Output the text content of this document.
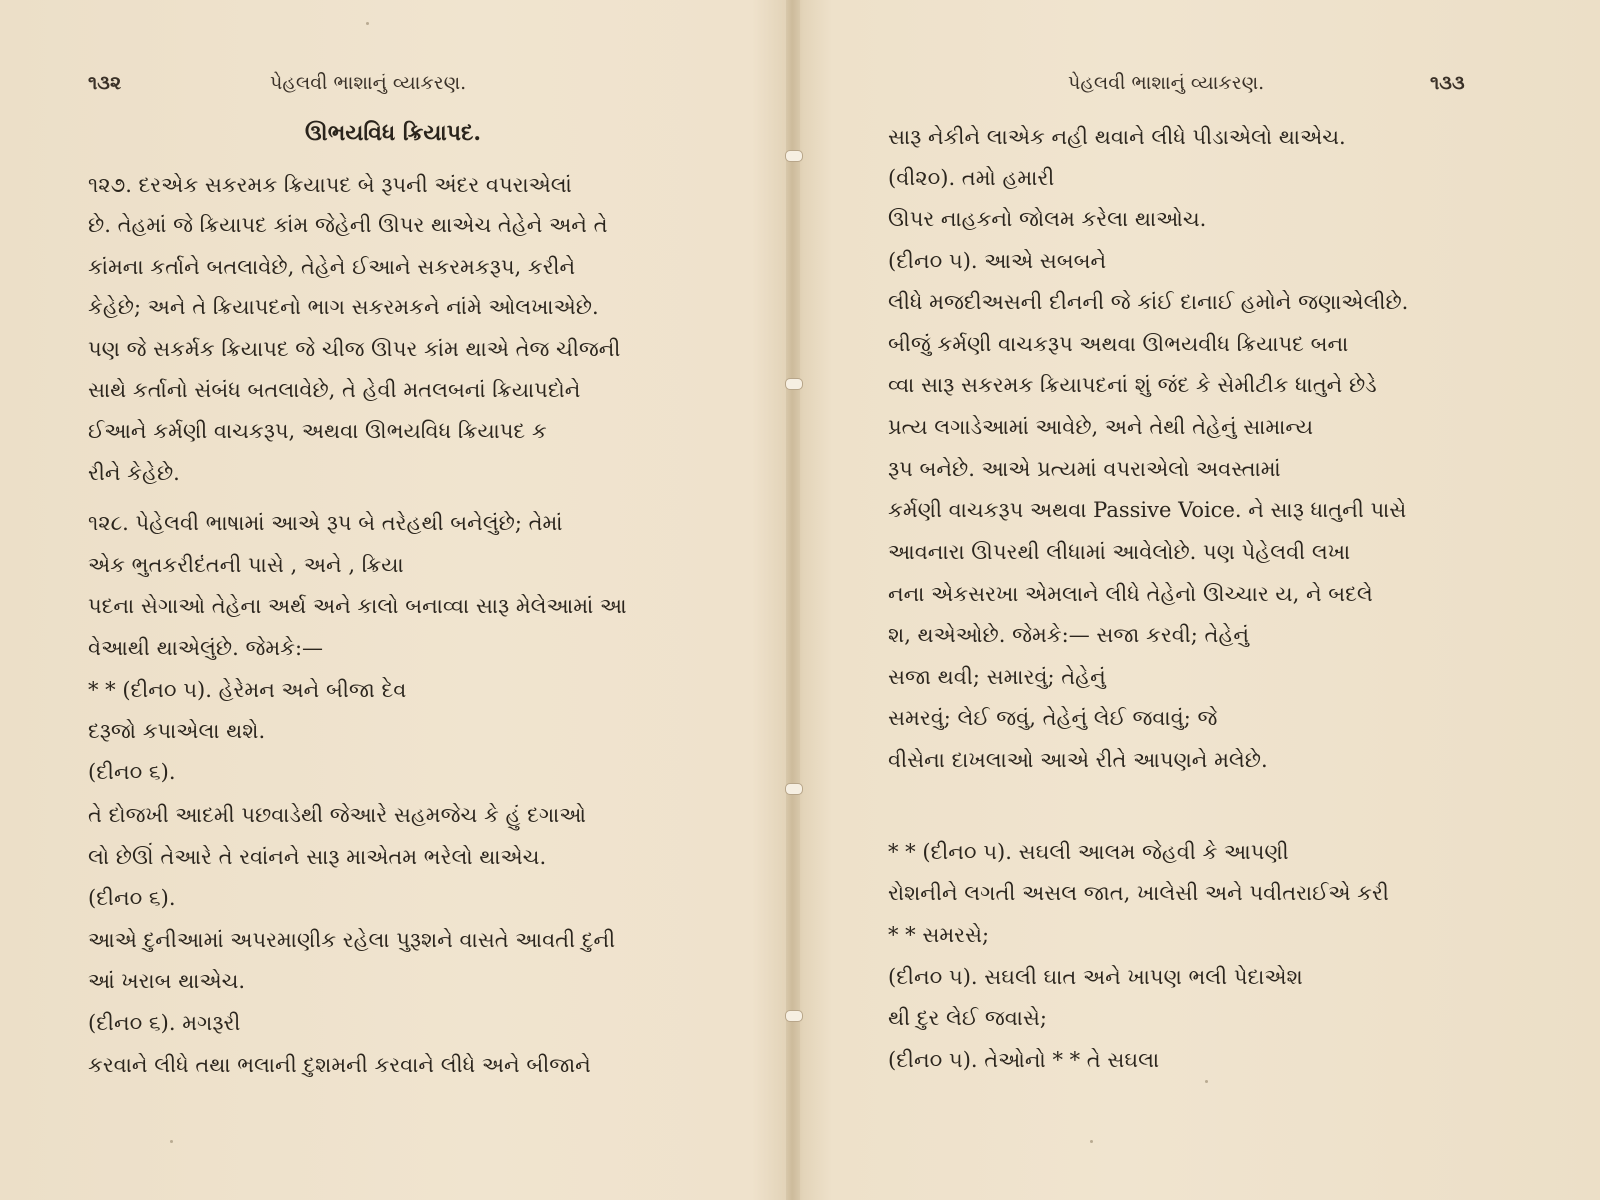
૧૩૨	પેહલવી ભાશાનું વ્યાકરણ.
ઊભયવિધ ક્રિયાપદ.
૧૨૭. દરએક સકરમક ક્રિયાપદ બે રૂપની અંદર વપરાએલાં
છે. તેહમાં જે ક્રિયાપદ કાંમ જેહેની ઊપર થાએચ તેહેને અને તે
કાંમના કર્તાને બતલાવેછે, તેહેને ઈઆને સકરમકરૂપ, કરીને
કેહેછે; અને તે ક્રિયાપદનો ભાગ સકરમકને નાંમે ઓલખાએછે.
પણ જે સકર્મક ક્રિયાપદ જે ચીજ ઊપર કાંમ થાએ તેજ ચીજની
સાથે કર્તાનો સંબંધ બતલાવેછે, તે હેવી મતલબનાં ક્રિયાપદોને
ઈઆને કર્મણી વાચકરૂપ, અથવા ઊભયવિધ ક્રિયાપદ ક
રીને કેહેછે.
૧૨૮. પેહેલવી ભાષામાં આએ રૂપ બે તરેહથી બનેલુંછે; તેમાં
એક ભુતકરીદંતની પાસે , અને , ક્રિયા
પદના સેગાઓ તેહેના અર્થ અને કાલો બનાવ્વા સારૂ મેલેઆમાં આ
વેઆથી થાએલુંછે. જેમકે:—
* * (દીન૦ ૫). હેરેમન અને બીજા દેવ
દરૂજો કપાએલા થશે.
(દીન૦ ૬).
તે દોજખી આદમી પછવાડેથી જેઆરે સહમજેચ કે હું દગાઓ
લો છેઊં તેઆરે તે રવાંનને સારૂ માએતમ ભરેલો થાએચ.
(દીન૦ ૬).
આએ દુનીઆમાં અપરમાણીક રહેલા પુરૂશને વાસતે આવતી દુની
આં ખરાબ થાએચ.
(દીન૦ ૬). મગરૂરી
કરવાને લીધે તથા ભલાની દુશમની કરવાને લીધે અને બીજાને
પેહલવી ભાશાનું વ્યાકરણ.	૧૩૩
સારૂ નેકીને લાએક નહી થવાને લીધે પીડાએલો થાએચ.
(વી૨૦). તમો હમારી
ઊપર નાહકનો જોલમ કરેલા થાઓચ.
(દીન૦ ૫). આએ સબબને
લીધે મજદીઅસની દીનની જે કાંઈ દાનાઈ હમોને જણાએલીછે.
બીજુંં કર્મણી વાચકરૂપ અથવા ઊભયવીધ ક્રિયાપદ બના
વ્વા સારૂ સકરમક ક્રિયાપદનાં શું જંદ કે સેમીટીક ધાતુને છેડે
પ્રત્ય લગાડેઆમાં આવેછે, અને તેથી તેહેનું સામાન્ય
રૂપ બનેછે. આએ પ્રત્યમાં વપરાએલો અવસ્તામાં
કર્મણી વાચકરૂપ અથવા Passive Voice. ને સારૂ ધાતુની પાસે
આવનારા ઊપરથી લીધામાં આવેલોછે. પણ પેહેલવી લખા
નના એકસરખા એમલાને લીધે તેહેનો ઊચ્ચાર ય, ને બદલે
શ, થએઓછે. જેમકે:— સજા કરવી; તેહેનું
સજા થવી; સમારવું; તેહેનું
સમરવું; લેઈ જવું, તેહેનું લેઈ જવાવું; જે
વીસેના દાખલાઓ આએ રીતે આપણને મલેછે.
* * (દીન૦ ૫). સઘલી આલમ જેહવી કે આપણી
રોશનીને લગતી અસલ જાત, ખાલેસી અને પવીતરાઈએ કરી
* * સમરસે;
(દીન૦ ૫). સઘલી ઘાત અને ખાપણ ભલી પેદાએશ
થી દુર લેઈ જવાસે;
(દીન૦ ૫). તેઓનો * * તે સઘલા
